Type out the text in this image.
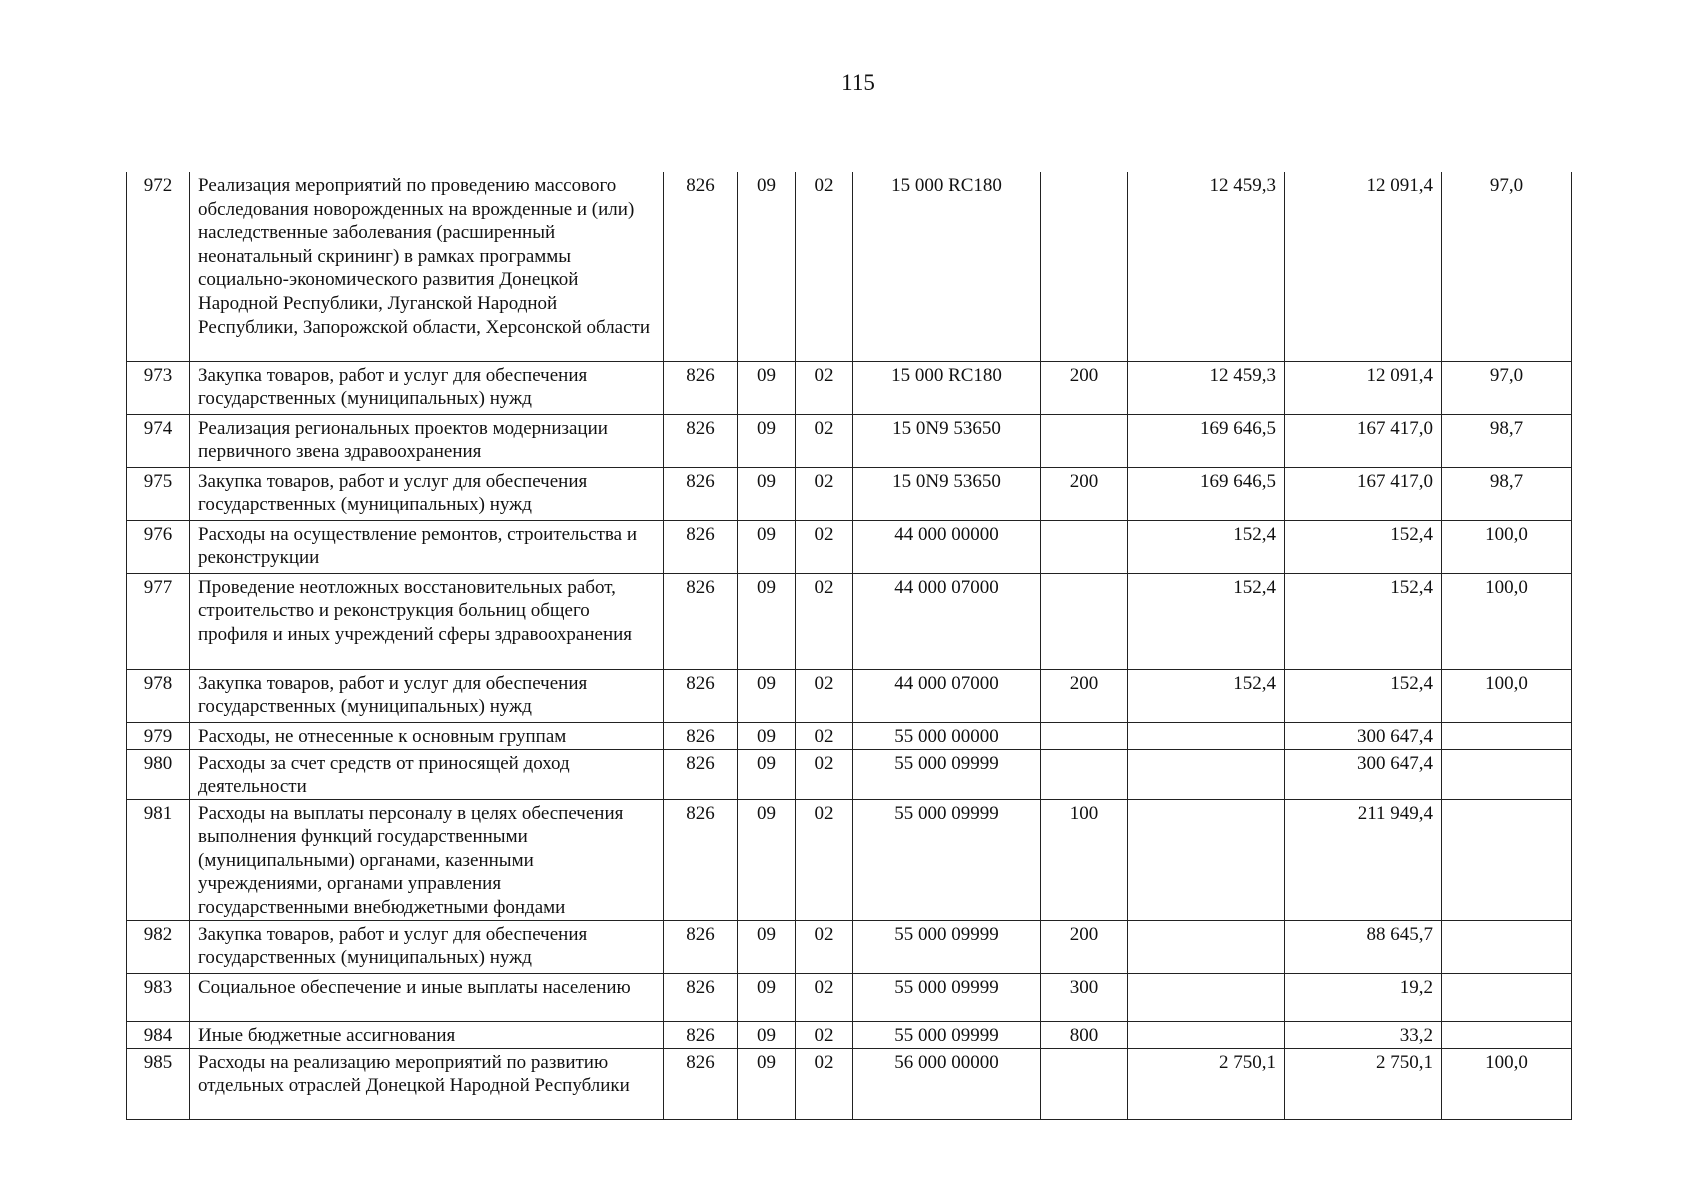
115
972	Реализация мероприятий по проведению массового обследования новорожденных на врожденные и (или) наследственные заболевания (расширенный неонатальный скрининг) в рамках программы социально-экономического развития Донецкой Народной Республики, Луганской Народной Республики, Запорожской области, Херсонской области	826	09	02	15 000 RC180		12 459,3	12 091,4	97,0
973	Закупка товаров, работ и услуг для обеспечения государственных (муниципальных) нужд	826	09	02	15 000 RC180	200	12 459,3	12 091,4	97,0
974	Реализация региональных проектов модернизации первичного звена здравоохранения	826	09	02	15 0N9 53650		169 646,5	167 417,0	98,7
975	Закупка товаров, работ и услуг для обеспечения государственных (муниципальных) нужд	826	09	02	15 0N9 53650	200	169 646,5	167 417,0	98,7
976	Расходы на осуществление ремонтов, строительства и реконструкции	826	09	02	44 000 00000		152,4	152,4	100,0
977	Проведение неотложных восстановительных работ, строительство и реконструкция больниц общего профиля и иных учреждений сферы здравоохранения	826	09	02	44 000 07000		152,4	152,4	100,0
978	Закупка товаров, работ и услуг для обеспечения государственных (муниципальных) нужд	826	09	02	44 000 07000	200	152,4	152,4	100,0
979	Расходы, не отнесенные к основным группам	826	09	02	55 000 00000			300 647,4	
980	Расходы за счет средств от приносящей доход деятельности	826	09	02	55 000 09999			300 647,4	
981	Расходы на выплаты персоналу в целях обеспечения выполнения функций государственными (муниципальными) органами, казенными учреждениями, органами управления государственными внебюджетными фондами	826	09	02	55 000 09999	100		211 949,4	
982	Закупка товаров, работ и услуг для обеспечения государственных (муниципальных) нужд	826	09	02	55 000 09999	200		88 645,7	
983	Социальное обеспечение и иные выплаты населению	826	09	02	55 000 09999	300		19,2	
984	Иные бюджетные ассигнования	826	09	02	55 000 09999	800		33,2	
985	Расходы на реализацию мероприятий по развитию отдельных отраслей Донецкой Народной Республики	826	09	02	56 000 00000		2 750,1	2 750,1	100,0
